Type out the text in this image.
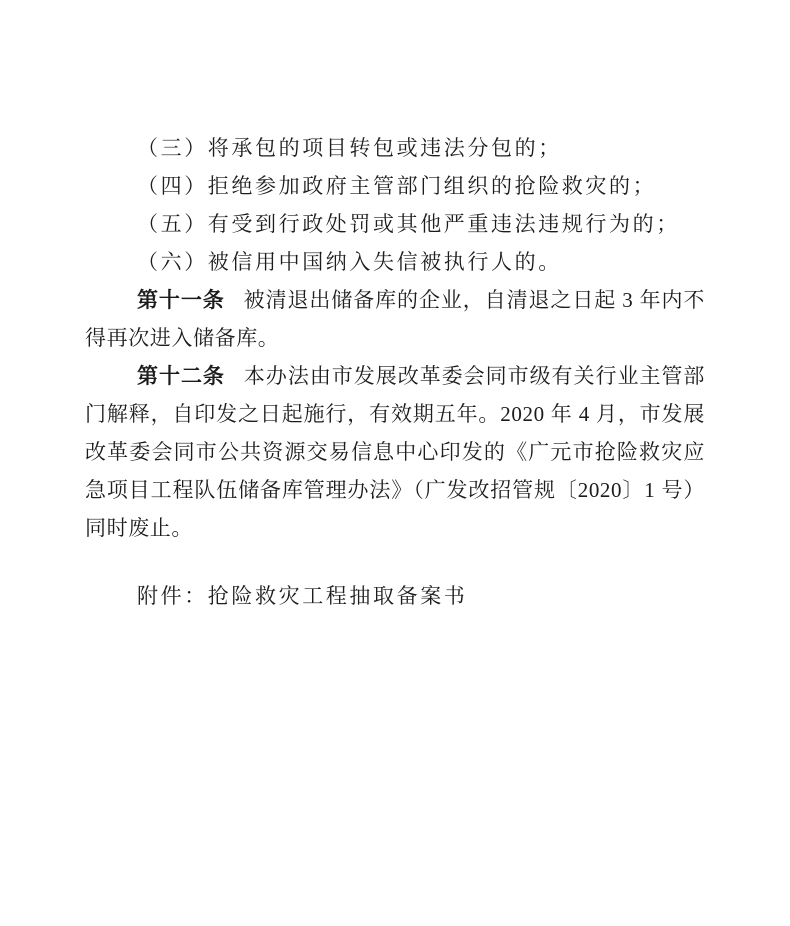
（三）将承包的项目转包或违法分包的；

（四）拒绝参加政府主管部门组织的抢险救灾的；

（五）有受到行政处罚或其他严重违法违规行为的；

（六）被信用中国纳入失信被执行人的。

第十一条 被清退出储备库的企业，自清退之日起 3 年内不得再次进入储备库。

第十二条 本办法由市发展改革委会同市级有关行业主管部门解释，自印发之日起施行，有效期五年。2020 年 4 月，市发展改革委会同市公共资源交易信息中心印发的《广元市抢险救灾应急项目工程队伍储备库管理办法》（广发改招管规〔2020〕1 号）同时废止。

附件：抢险救灾工程抽取备案书
